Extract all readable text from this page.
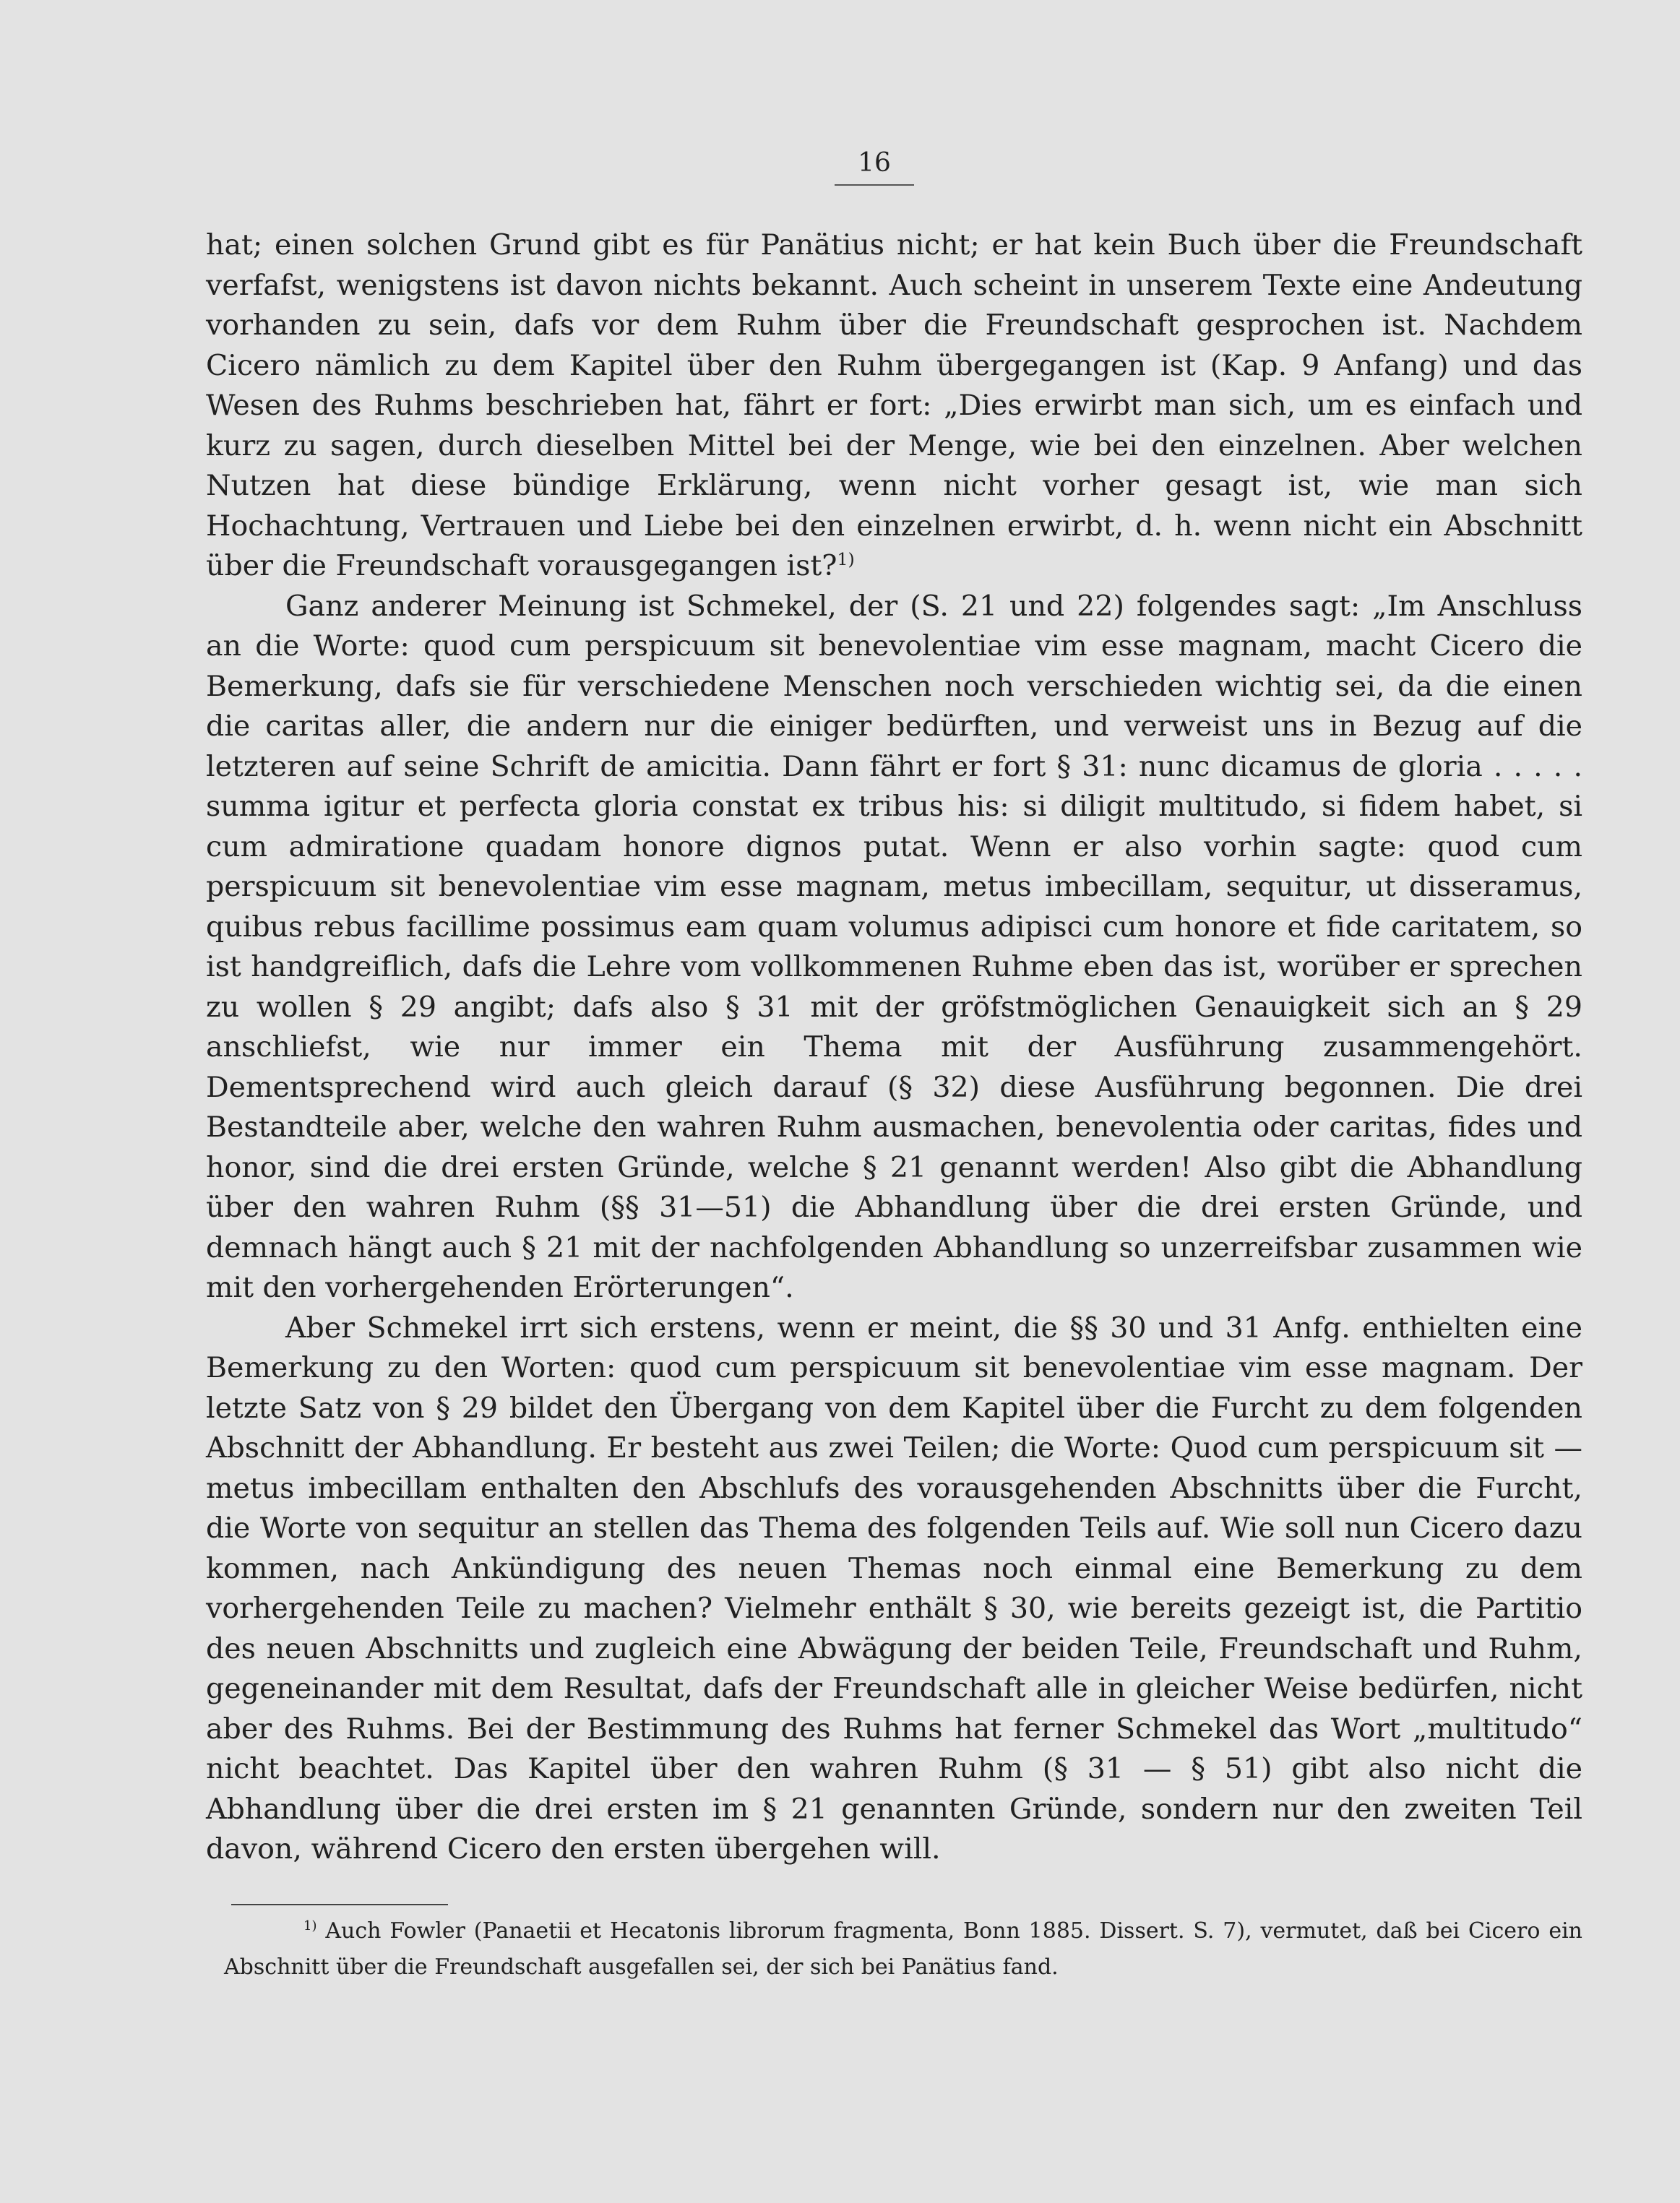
16

hat; einen solchen Grund gibt es für Panätius nicht; er hat kein Buch über die Freundschaft verfafst, wenigstens ist davon nichts bekannt. Auch scheint in unserem Texte eine Andeutung vorhanden zu sein, dafs vor dem Ruhm über die Freundschaft gesprochen ist. Nachdem Cicero nämlich zu dem Kapitel über den Ruhm übergegangen ist (Kap. 9 Anfang) und das Wesen des Ruhms beschrieben hat, fährt er fort: „Dies erwirbt man sich, um es einfach und kurz zu sagen, durch dieselben Mittel bei der Menge, wie bei den einzelnen. Aber welchen Nutzen hat diese bündige Erklärung, wenn nicht vorher gesagt ist, wie man sich Hochachtung, Vertrauen und Liebe bei den einzelnen erwirbt, d. h. wenn nicht ein Abschnitt über die Freundschaft vorausgegangen ist?$^{1)}$

Ganz anderer Meinung ist Schmekel, der (S. 21 und 22) folgendes sagt: „Im Anschluss an die Worte: quod cum perspicuum sit benevolentiae vim esse magnam, macht Cicero die Bemerkung, dafs sie für verschiedene Menschen noch verschieden wichtig sei, da die einen die caritas aller, die andern nur die einiger bedürften, und verweist uns in Bezug auf die letzteren auf seine Schrift de amicitia. Dann fährt er fort § 31: nunc dicamus de gloria . . . . . summa igitur et perfecta gloria constat ex tribus his: si diligit multitudo, si fidem habet, si cum admiratione quadam honore dignos putat. Wenn er also vorhin sagte: quod cum perspicuum sit benevolentiae vim esse magnam, metus imbecillam, sequitur, ut disseramus, quibus rebus facillime possimus eam quam volumus adipisci cum honore et fide caritatem, so ist handgreiflich, dafs die Lehre vom vollkommenen Ruhme eben das ist, worüber er sprechen zu wollen § 29 angibt; dafs also § 31 mit der gröfstmöglichen Genauigkeit sich an § 29 anschliefst, wie nur immer ein Thema mit der Ausführung zusammengehört. Dementsprechend wird auch gleich darauf (§ 32) diese Ausführung begonnen. Die drei Bestandteile aber, welche den wahren Ruhm ausmachen, benevolentia oder caritas, fides und honor, sind die drei ersten Gründe, welche § 21 genannt werden! Also gibt die Abhandlung über den wahren Ruhm (§§ 31—51) die Abhandlung über die drei ersten Gründe, und demnach hängt auch § 21 mit der nachfolgenden Abhandlung so unzerreifsbar zusammen wie mit den vorhergehenden Erörterungen“.

Aber Schmekel irrt sich erstens, wenn er meint, die §§ 30 und 31 Anfg. enthielten eine Bemerkung zu den Worten: quod cum perspicuum sit benevolentiae vim esse magnam. Der letzte Satz von § 29 bildet den Übergang von dem Kapitel über die Furcht zu dem folgenden Abschnitt der Abhandlung. Er besteht aus zwei Teilen; die Worte: Quod cum perspicuum sit — metus imbecillam enthalten den Abschlufs des vorausgehenden Abschnitts über die Furcht, die Worte von sequitur an stellen das Thema des folgenden Teils auf. Wie soll nun Cicero dazu kommen, nach Ankündigung des neuen Themas noch einmal eine Bemerkung zu dem vorhergehenden Teile zu machen? Vielmehr enthält § 30, wie bereits gezeigt ist, die Partitio des neuen Abschnitts und zugleich eine Abwägung der beiden Teile, Freundschaft und Ruhm, gegeneinander mit dem Resultat, dafs der Freundschaft alle in gleicher Weise bedürfen, nicht aber des Ruhms. Bei der Bestimmung des Ruhms hat ferner Schmekel das Wort „multitudo“ nicht beachtet. Das Kapitel über den wahren Ruhm (§ 31 — § 51) gibt also nicht die Abhandlung über die drei ersten im § 21 genannten Gründe, sondern nur den zweiten Teil davon, während Cicero den ersten übergehen will.

$^{1)}$ Auch Fowler (Panaetii et Hecatonis librorum fragmenta, Bonn 1885. Dissert. S. 7), vermutet, daß bei Cicero ein Abschnitt über die Freundschaft ausgefallen sei, der sich bei Panätius fand.
